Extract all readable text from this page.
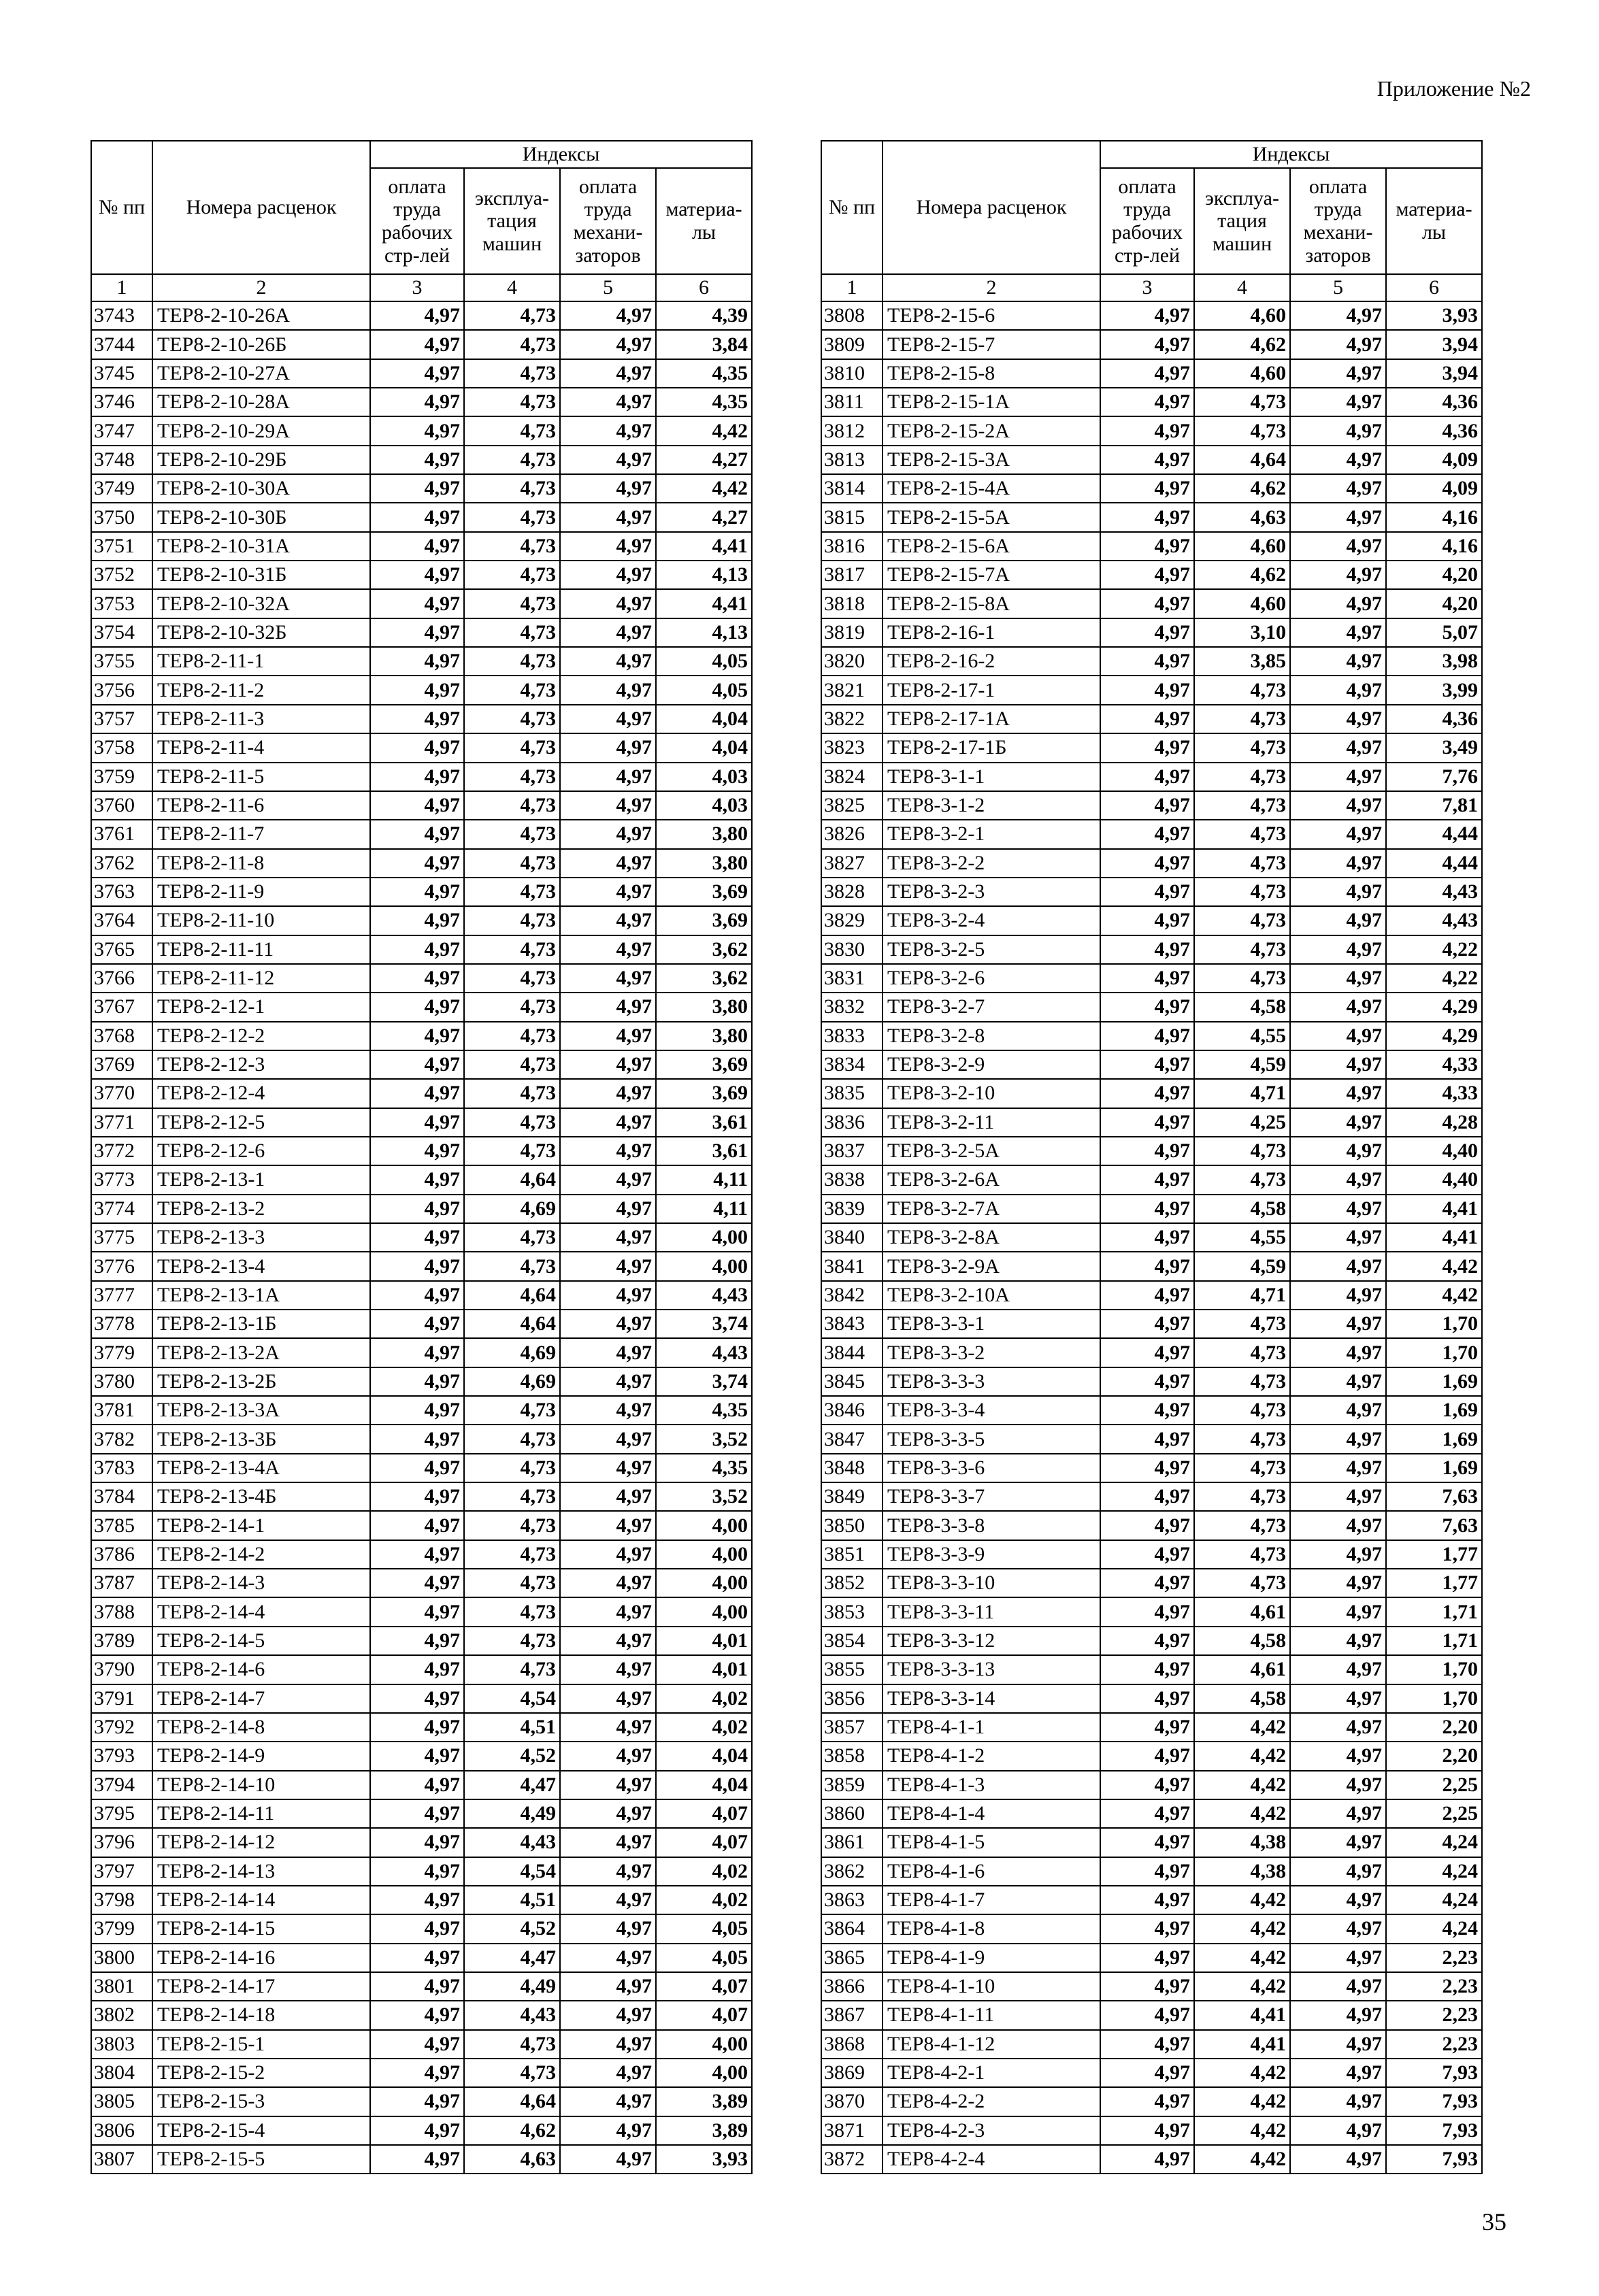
Приложение №2
№ пп	Номера расценок	Индексы			

		оплата труда рабочих стр-лей	эксплуа-тация машин	оплата труда механи-заторов	материа-лы

1	2	3	4	5	6
3743	ТЕР8-2-10-26А	4,97	4,73	4,97	4,39
3744	ТЕР8-2-10-26Б	4,97	4,73	4,97	3,84
3745	ТЕР8-2-10-27А	4,97	4,73	4,97	4,35
3746	ТЕР8-2-10-28А	4,97	4,73	4,97	4,35
3747	ТЕР8-2-10-29А	4,97	4,73	4,97	4,42
3748	ТЕР8-2-10-29Б	4,97	4,73	4,97	4,27
3749	ТЕР8-2-10-30А	4,97	4,73	4,97	4,42
3750	ТЕР8-2-10-30Б	4,97	4,73	4,97	4,27
3751	ТЕР8-2-10-31А	4,97	4,73	4,97	4,41
3752	ТЕР8-2-10-31Б	4,97	4,73	4,97	4,13
3753	ТЕР8-2-10-32А	4,97	4,73	4,97	4,41
3754	ТЕР8-2-10-32Б	4,97	4,73	4,97	4,13
3755	ТЕР8-2-11-1	4,97	4,73	4,97	4,05
3756	ТЕР8-2-11-2	4,97	4,73	4,97	4,05
3757	ТЕР8-2-11-3	4,97	4,73	4,97	4,04
3758	ТЕР8-2-11-4	4,97	4,73	4,97	4,04
3759	ТЕР8-2-11-5	4,97	4,73	4,97	4,03
3760	ТЕР8-2-11-6	4,97	4,73	4,97	4,03
3761	ТЕР8-2-11-7	4,97	4,73	4,97	3,80
3762	ТЕР8-2-11-8	4,97	4,73	4,97	3,80
3763	ТЕР8-2-11-9	4,97	4,73	4,97	3,69
3764	ТЕР8-2-11-10	4,97	4,73	4,97	3,69
3765	ТЕР8-2-11-11	4,97	4,73	4,97	3,62
3766	ТЕР8-2-11-12	4,97	4,73	4,97	3,62
3767	ТЕР8-2-12-1	4,97	4,73	4,97	3,80
3768	ТЕР8-2-12-2	4,97	4,73	4,97	3,80
3769	ТЕР8-2-12-3	4,97	4,73	4,97	3,69
3770	ТЕР8-2-12-4	4,97	4,73	4,97	3,69
3771	ТЕР8-2-12-5	4,97	4,73	4,97	3,61
3772	ТЕР8-2-12-6	4,97	4,73	4,97	3,61
3773	ТЕР8-2-13-1	4,97	4,64	4,97	4,11
3774	ТЕР8-2-13-2	4,97	4,69	4,97	4,11
3775	ТЕР8-2-13-3	4,97	4,73	4,97	4,00
3776	ТЕР8-2-13-4	4,97	4,73	4,97	4,00
3777	ТЕР8-2-13-1А	4,97	4,64	4,97	4,43
3778	ТЕР8-2-13-1Б	4,97	4,64	4,97	3,74
3779	ТЕР8-2-13-2А	4,97	4,69	4,97	4,43
3780	ТЕР8-2-13-2Б	4,97	4,69	4,97	3,74
3781	ТЕР8-2-13-3А	4,97	4,73	4,97	4,35
3782	ТЕР8-2-13-3Б	4,97	4,73	4,97	3,52
3783	ТЕР8-2-13-4А	4,97	4,73	4,97	4,35
3784	ТЕР8-2-13-4Б	4,97	4,73	4,97	3,52
3785	ТЕР8-2-14-1	4,97	4,73	4,97	4,00
3786	ТЕР8-2-14-2	4,97	4,73	4,97	4,00
3787	ТЕР8-2-14-3	4,97	4,73	4,97	4,00
3788	ТЕР8-2-14-4	4,97	4,73	4,97	4,00
3789	ТЕР8-2-14-5	4,97	4,73	4,97	4,01
3790	ТЕР8-2-14-6	4,97	4,73	4,97	4,01
3791	ТЕР8-2-14-7	4,97	4,54	4,97	4,02
3792	ТЕР8-2-14-8	4,97	4,51	4,97	4,02
3793	ТЕР8-2-14-9	4,97	4,52	4,97	4,04
3794	ТЕР8-2-14-10	4,97	4,47	4,97	4,04
3795	ТЕР8-2-14-11	4,97	4,49	4,97	4,07
3796	ТЕР8-2-14-12	4,97	4,43	4,97	4,07
3797	ТЕР8-2-14-13	4,97	4,54	4,97	4,02
3798	ТЕР8-2-14-14	4,97	4,51	4,97	4,02
3799	ТЕР8-2-14-15	4,97	4,52	4,97	4,05
3800	ТЕР8-2-14-16	4,97	4,47	4,97	4,05
3801	ТЕР8-2-14-17	4,97	4,49	4,97	4,07
3802	ТЕР8-2-14-18	4,97	4,43	4,97	4,07
3803	ТЕР8-2-15-1	4,97	4,73	4,97	4,00
3804	ТЕР8-2-15-2	4,97	4,73	4,97	4,00
3805	ТЕР8-2-15-3	4,97	4,64	4,97	3,89
3806	ТЕР8-2-15-4	4,97	4,62	4,97	3,89
3807	ТЕР8-2-15-5	4,97	4,63	4,97	3,93
№ пп	Номера расценок	Индексы			

		оплата труда рабочих стр-лей	эксплуа-тация машин	оплата труда механи-заторов	материа-лы

1	2	3	4	5	6
3808	ТЕР8-2-15-6	4,97	4,60	4,97	3,93
3809	ТЕР8-2-15-7	4,97	4,62	4,97	3,94
3810	ТЕР8-2-15-8	4,97	4,60	4,97	3,94
3811	ТЕР8-2-15-1А	4,97	4,73	4,97	4,36
3812	ТЕР8-2-15-2А	4,97	4,73	4,97	4,36
3813	ТЕР8-2-15-3А	4,97	4,64	4,97	4,09
3814	ТЕР8-2-15-4А	4,97	4,62	4,97	4,09
3815	ТЕР8-2-15-5А	4,97	4,63	4,97	4,16
3816	ТЕР8-2-15-6А	4,97	4,60	4,97	4,16
3817	ТЕР8-2-15-7А	4,97	4,62	4,97	4,20
3818	ТЕР8-2-15-8А	4,97	4,60	4,97	4,20
3819	ТЕР8-2-16-1	4,97	3,10	4,97	5,07
3820	ТЕР8-2-16-2	4,97	3,85	4,97	3,98
3821	ТЕР8-2-17-1	4,97	4,73	4,97	3,99
3822	ТЕР8-2-17-1А	4,97	4,73	4,97	4,36
3823	ТЕР8-2-17-1Б	4,97	4,73	4,97	3,49
3824	ТЕР8-3-1-1	4,97	4,73	4,97	7,76
3825	ТЕР8-3-1-2	4,97	4,73	4,97	7,81
3826	ТЕР8-3-2-1	4,97	4,73	4,97	4,44
3827	ТЕР8-3-2-2	4,97	4,73	4,97	4,44
3828	ТЕР8-3-2-3	4,97	4,73	4,97	4,43
3829	ТЕР8-3-2-4	4,97	4,73	4,97	4,43
3830	ТЕР8-3-2-5	4,97	4,73	4,97	4,22
3831	ТЕР8-3-2-6	4,97	4,73	4,97	4,22
3832	ТЕР8-3-2-7	4,97	4,58	4,97	4,29
3833	ТЕР8-3-2-8	4,97	4,55	4,97	4,29
3834	ТЕР8-3-2-9	4,97	4,59	4,97	4,33
3835	ТЕР8-3-2-10	4,97	4,71	4,97	4,33
3836	ТЕР8-3-2-11	4,97	4,25	4,97	4,28
3837	ТЕР8-3-2-5А	4,97	4,73	4,97	4,40
3838	ТЕР8-3-2-6А	4,97	4,73	4,97	4,40
3839	ТЕР8-3-2-7А	4,97	4,58	4,97	4,41
3840	ТЕР8-3-2-8А	4,97	4,55	4,97	4,41
3841	ТЕР8-3-2-9А	4,97	4,59	4,97	4,42
3842	ТЕР8-3-2-10А	4,97	4,71	4,97	4,42
3843	ТЕР8-3-3-1	4,97	4,73	4,97	1,70
3844	ТЕР8-3-3-2	4,97	4,73	4,97	1,70
3845	ТЕР8-3-3-3	4,97	4,73	4,97	1,69
3846	ТЕР8-3-3-4	4,97	4,73	4,97	1,69
3847	ТЕР8-3-3-5	4,97	4,73	4,97	1,69
3848	ТЕР8-3-3-6	4,97	4,73	4,97	1,69
3849	ТЕР8-3-3-7	4,97	4,73	4,97	7,63
3850	ТЕР8-3-3-8	4,97	4,73	4,97	7,63
3851	ТЕР8-3-3-9	4,97	4,73	4,97	1,77
3852	ТЕР8-3-3-10	4,97	4,73	4,97	1,77
3853	ТЕР8-3-3-11	4,97	4,61	4,97	1,71
3854	ТЕР8-3-3-12	4,97	4,58	4,97	1,71
3855	ТЕР8-3-3-13	4,97	4,61	4,97	1,70
3856	ТЕР8-3-3-14	4,97	4,58	4,97	1,70
3857	ТЕР8-4-1-1	4,97	4,42	4,97	2,20
3858	ТЕР8-4-1-2	4,97	4,42	4,97	2,20
3859	ТЕР8-4-1-3	4,97	4,42	4,97	2,25
3860	ТЕР8-4-1-4	4,97	4,42	4,97	2,25
3861	ТЕР8-4-1-5	4,97	4,38	4,97	4,24
3862	ТЕР8-4-1-6	4,97	4,38	4,97	4,24
3863	ТЕР8-4-1-7	4,97	4,42	4,97	4,24
3864	ТЕР8-4-1-8	4,97	4,42	4,97	4,24
3865	ТЕР8-4-1-9	4,97	4,42	4,97	2,23
3866	ТЕР8-4-1-10	4,97	4,42	4,97	2,23
3867	ТЕР8-4-1-11	4,97	4,41	4,97	2,23
3868	ТЕР8-4-1-12	4,97	4,41	4,97	2,23
3869	ТЕР8-4-2-1	4,97	4,42	4,97	7,93
3870	ТЕР8-4-2-2	4,97	4,42	4,97	7,93
3871	ТЕР8-4-2-3	4,97	4,42	4,97	7,93
3872	ТЕР8-4-2-4	4,97	4,42	4,97	7,93
35
